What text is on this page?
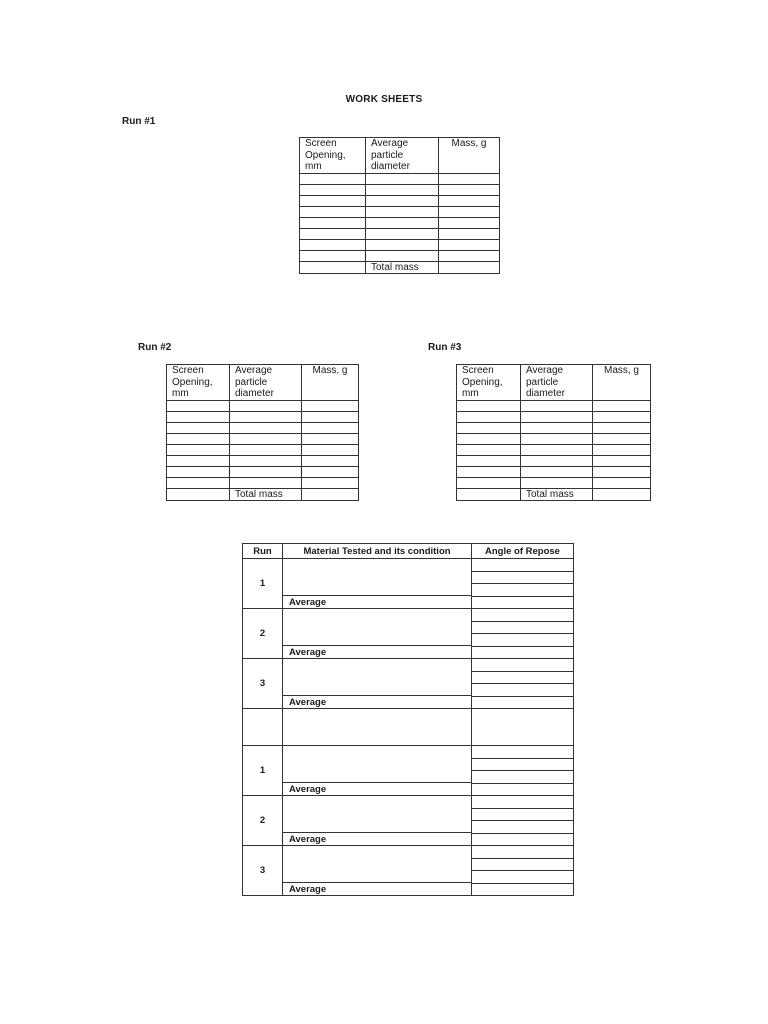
WORK SHEETS
Run #1
Screen Opening, mm	Average particle diameter	Mass, g

	Total mass	
Run #2
Screen Opening, mm	Average particle diameter	Mass, g

	Total mass	
Run #3
Screen Opening, mm	Average particle diameter	Mass, g

	Total mass	
Run	Material Tested and its condition	Angle of Repose
1		

	Average	
2		

	Average	
3		

	Average	

1		

	Average	
2		

	Average	
3		

	Average	
